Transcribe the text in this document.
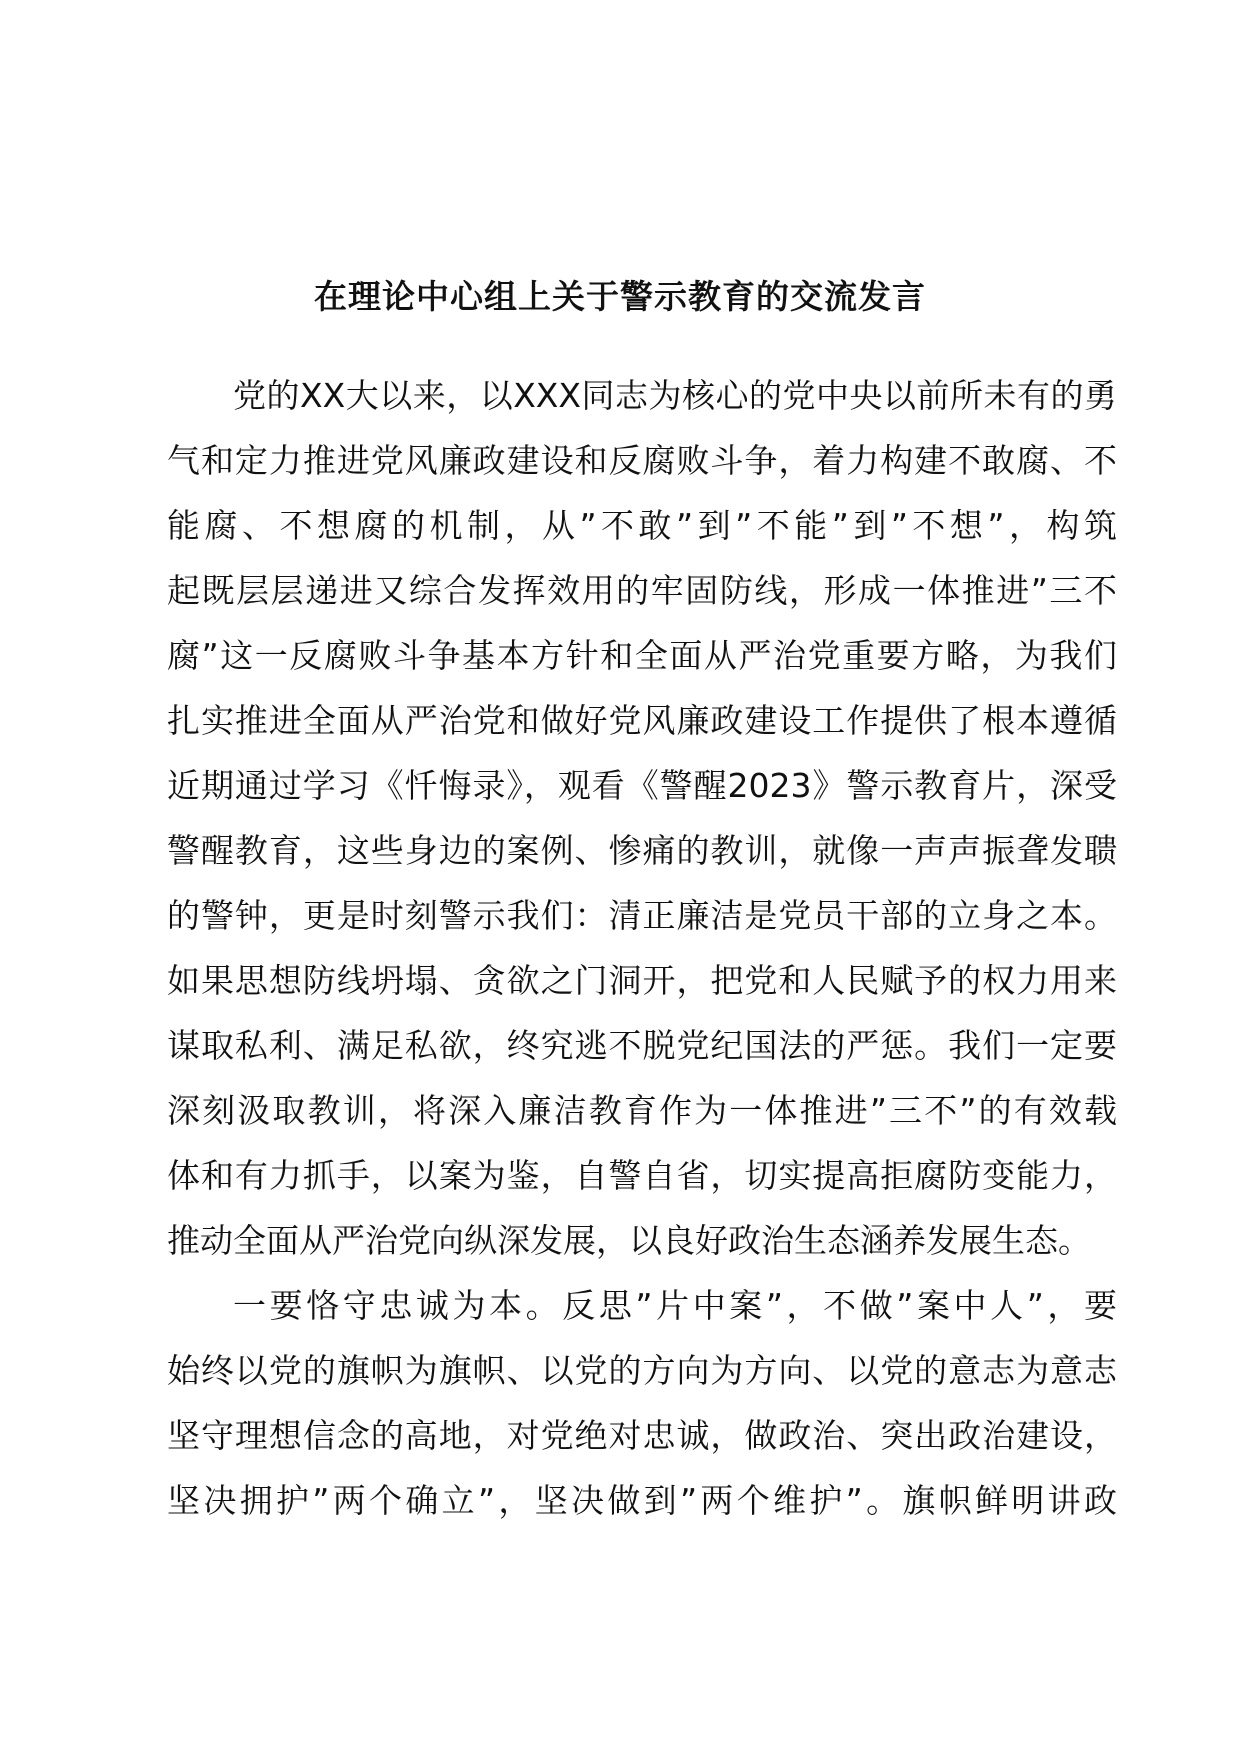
在理论中心组上关于警示教育的交流发言
党的XX大以来，以XXX同志为核心的党中央以前所未有的勇
气和定力推进党风廉政建设和反腐败斗争，着力构建不敢腐、不
能腐、不想腐的机制，从”不敢”到”不能”到”不想”，构筑
起既层层递进又综合发挥效用的牢固防线，形成一体推进”三不
腐”这一反腐败斗争基本方针和全面从严治党重要方略，为我们
扎实推进全面从严治党和做好党风廉政建设工作提供了根本遵循
近期通过学习《忏悔录》，观看《警醒2023》警示教育片，深受
警醒教育，这些身边的案例、惨痛的教训，就像一声声振聋发聩
的警钟，更是时刻警示我们：清正廉洁是党员干部的立身之本。
如果思想防线坍塌、贪欲之门洞开，把党和人民赋予的权力用来
谋取私利、满足私欲，终究逃不脱党纪国法的严惩。我们一定要
深刻汲取教训，将深入廉洁教育作为一体推进”三不”的有效载
体和有力抓手，以案为鉴，自警自省，切实提高拒腐防变能力，
推动全面从严治党向纵深发展，以良好政治生态涵养发展生态。
一要恪守忠诚为本。反思”片中案”，不做”案中人”，要
始终以党的旗帜为旗帜、以党的方向为方向、以党的意志为意志
坚守理想信念的高地，对党绝对忠诚，做政治、突出政治建设，
坚决拥护”两个确立”，坚决做到”两个维护”。旗帜鲜明讲政
